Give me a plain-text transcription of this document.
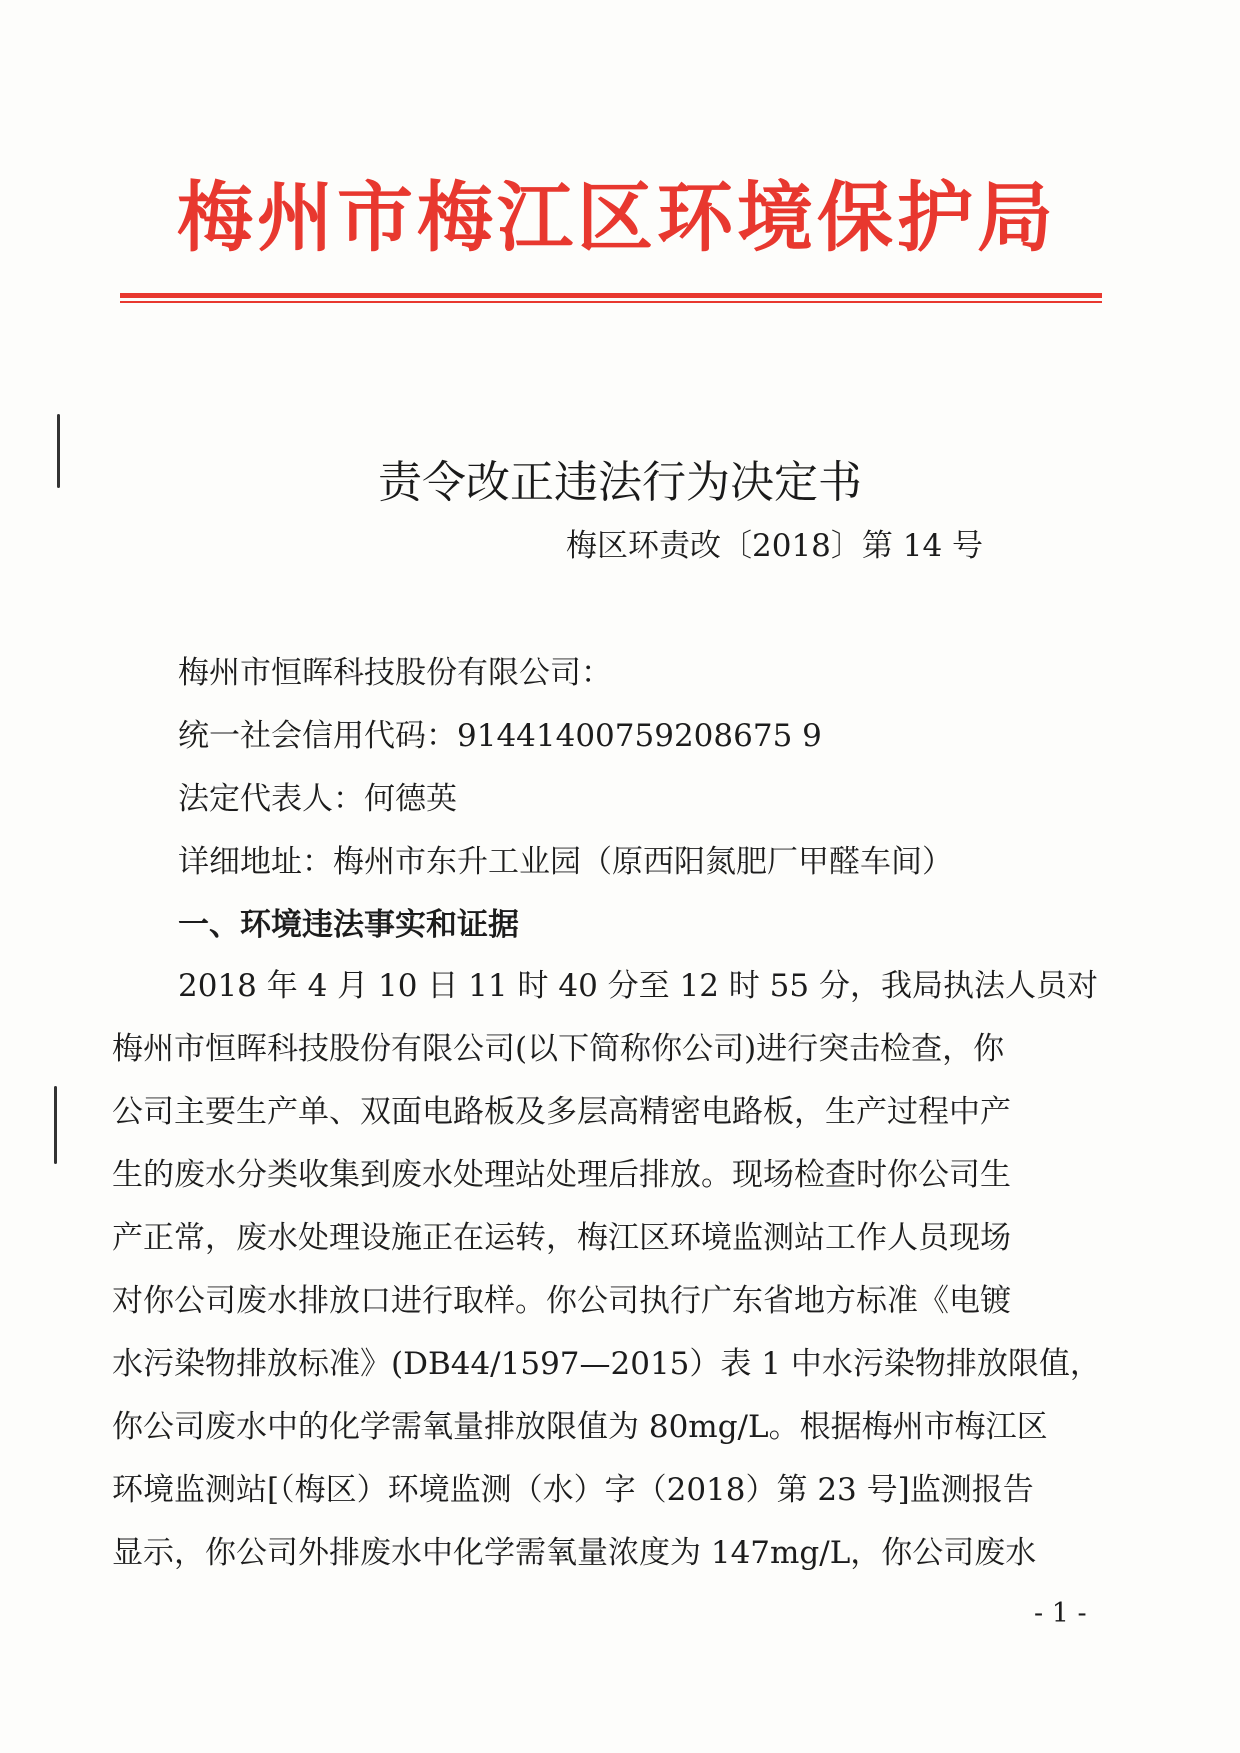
梅州市梅江区环境保护局
责令改正违法行为决定书
梅区环责改〔2018〕第 14 号
梅州市恒晖科技股份有限公司：
统一社会信用代码：91441400759208675 9
法定代表人：何德英
详细地址：梅州市东升工业园（原西阳氮肥厂甲醛车间）
一、环境违法事实和证据

2018 年 4 月 10 日 11 时 40 分至 12 时 55 分，我局执法人员对

梅州市恒晖科技股份有限公司(以下简称你公司)进行突击检查，你

公司主要生产单、双面电路板及多层高精密电路板，生产过程中产

生的废水分类收集到废水处理站处理后排放。现场检查时你公司生

产正常，废水处理设施正在运转，梅江区环境监测站工作人员现场

对你公司废水排放口进行取样。你公司执行广东省地方标准《电镀

水污染物排放标准》(DB44/1597—2015）表 1 中水污染物排放限值，

你公司废水中的化学需氧量排放限值为 80mg/L。根据梅州市梅江区

环境监测站[（梅区）环境监测（水）字（2018）第 23 号]监测报告

显示，你公司外排废水中化学需氧量浓度为 147mg/L，你公司废水

- 1 -
